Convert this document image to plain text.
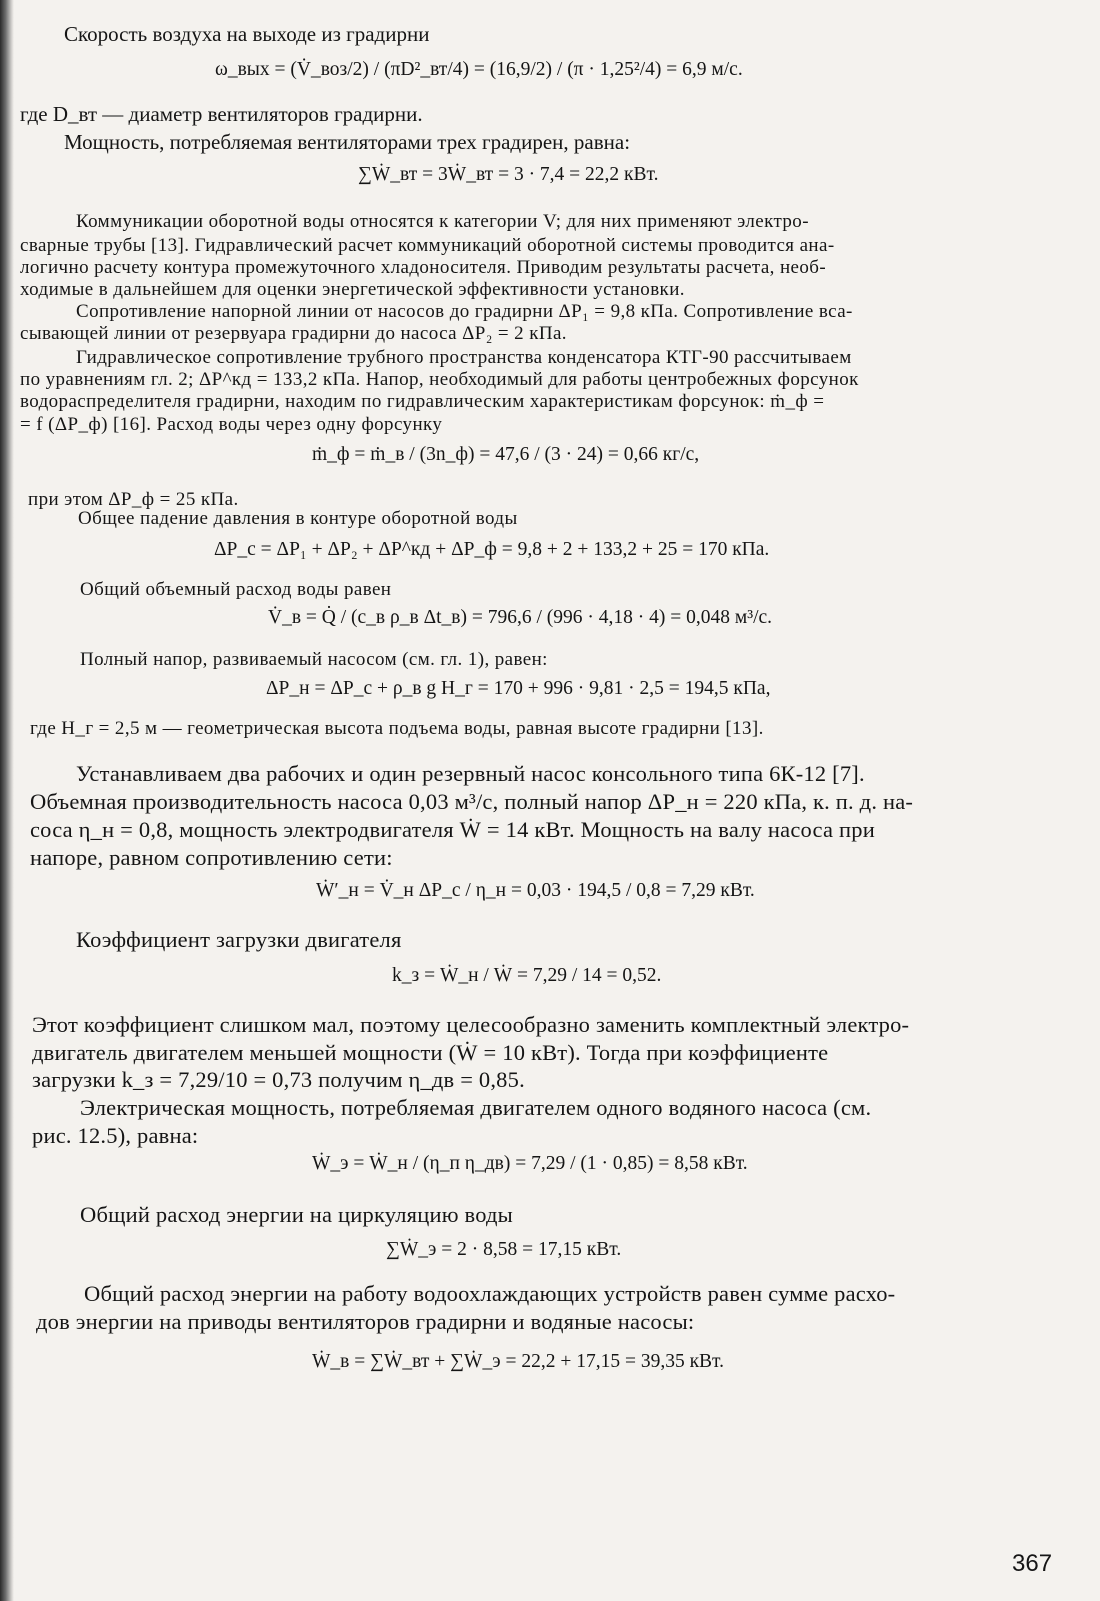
Скорость воздуха на выходе из градирни
ω_вых = (V̇_воз/2) / (πD²_вт/4) = (16,9/2) / (π · 1,25²/4) = 6,9 м/с.
где D_вт — диаметр вентиляторов градирни.
Мощность, потребляемая вентиляторами трех градирен, равна:
∑Ẇ_вт = 3Ẇ_вт = 3 · 7,4 = 22,2 кВт.
Коммуникации оборотной воды относятся к категории V; для них применяют электро-
сварные трубы [13]. Гидравлический расчет коммуникаций оборотной системы проводится ана-
логично расчету контура промежуточного хладоносителя. Приводим результаты расчета, необ-
ходимые в дальнейшем для оценки энергетической эффективности установки.
Сопротивление напорной линии от насосов до градирни ΔP₁ = 9,8 кПа. Сопротивление вса-
сывающей линии от резервуара градирни до насоса ΔP₂ = 2 кПа.
Гидравлическое сопротивление трубного пространства конденсатора КТГ-90 рассчитываем
по уравнениям гл. 2; ΔP^кд = 133,2 кПа. Напор, необходимый для работы центробежных форсунок
водораспределителя градирни, находим по гидравлическим характеристикам форсунок: ṁ_ф =
= f (ΔP_ф) [16]. Расход воды через одну форсунку
ṁ_ф = ṁ_в / (3n_ф) = 47,6 / (3 · 24) = 0,66 кг/с,
при этом ΔP_ф = 25 кПа.
Общее падение давления в контуре оборотной воды
ΔP_с = ΔP₁ + ΔP₂ + ΔP^кд + ΔP_ф = 9,8 + 2 + 133,2 + 25 = 170 кПа.
Общий объемный расход воды равен
V̇_в = Q̇ / (c_в ρ_в Δt_в) = 796,6 / (996 · 4,18 · 4) = 0,048 м³/с.
Полный напор, развиваемый насосом (см. гл. 1), равен:
ΔP_н = ΔP_с + ρ_в g H_г = 170 + 996 · 9,81 · 2,5 = 194,5 кПа,
где H_г = 2,5 м — геометрическая высота подъема воды, равная высоте градирни [13].
Устанавливаем два рабочих и один резервный насос консольного типа 6К-12 [7].
Объемная производительность насоса 0,03 м³/с, полный напор ΔP_н = 220 кПа, к. п. д. на-
соса η_н = 0,8, мощность электродвигателя Ẇ = 14 кВт. Мощность на валу насоса при
напоре, равном сопротивлению сети:
Ẇ′_н = V̇_н ΔP_с / η_н = 0,03 · 194,5 / 0,8 = 7,29 кВт.
Коэффициент загрузки двигателя
k_з = Ẇ_н / Ẇ = 7,29 / 14 = 0,52.
Этот коэффициент слишком мал, поэтому целесообразно заменить комплектный электро-
двигатель двигателем меньшей мощности (Ẇ = 10 кВт). Тогда при коэффициенте
загрузки k_з = 7,29/10 = 0,73 получим η_дв = 0,85.
Электрическая мощность, потребляемая двигателем одного водяного насоса (см.
рис. 12.5), равна:
Ẇ_э = Ẇ_н / (η_п η_дв) = 7,29 / (1 · 0,85) = 8,58 кВт.
Общий расход энергии на циркуляцию воды
∑Ẇ_э = 2 · 8,58 = 17,15 кВт.
Общий расход энергии на работу водоохлаждающих устройств равен сумме расхо-
дов энергии на приводы вентиляторов градирни и водяные насосы:
Ẇ_в = ∑Ẇ_вт + ∑Ẇ_э = 22,2 + 17,15 = 39,35 кВт.
367
